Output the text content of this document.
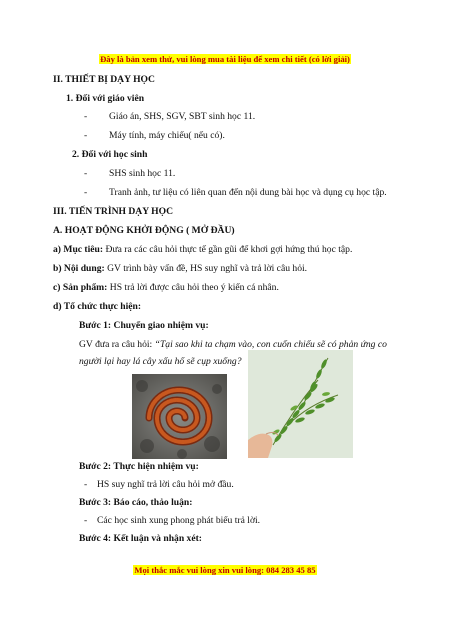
Đây là bản xem thử, vui lòng mua tài liệu để xem chi tiết (có lời giải)
II. THIẾT BỊ DẠY HỌC
1. Đối với giáo viên
- Giáo án, SHS, SGV, SBT sinh học 11.
- Máy tính, máy chiếu( nếu có).
2. Đối với học sinh
- SHS sinh học 11.
- Tranh ảnh, tư liệu có liên quan đến nội dung bài học và dụng cụ học tập.
III. TIẾN TRÌNH DẠY HỌC
A. HOẠT ĐỘNG KHỞI ĐỘNG ( MỞ ĐẦU)
a) Mục tiêu: Đưa ra các câu hỏi thực tế gần gũi để khơi gợi hứng thú học tập.
b) Nội dung: GV trình bày vấn đề, HS suy nghĩ và trả lời câu hỏi.
c) Sản phẩm: HS trả lời được câu hỏi theo ý kiến cá nhân.
d) Tổ chức thực hiện:
Bước 1: Chuyển giao nhiệm vụ:
GV đưa ra câu hỏi: “Tại sao khi ta chạm vào, con cuốn chiếu sẽ có phản ứng co
người lại hay lá cây xấu hổ sẽ cụp xuống?
Bước 2: Thực hiện nhiệm vụ:
- HS suy nghĩ trả lời câu hỏi mở đầu.
Bước 3: Báo cáo, thảo luận:
- Các học sinh xung phong phát biểu trả lời.
Bước 4: Kết luận và nhận xét:
Mọi thắc mắc vui lòng xin vui lòng: 084 283 45 85
